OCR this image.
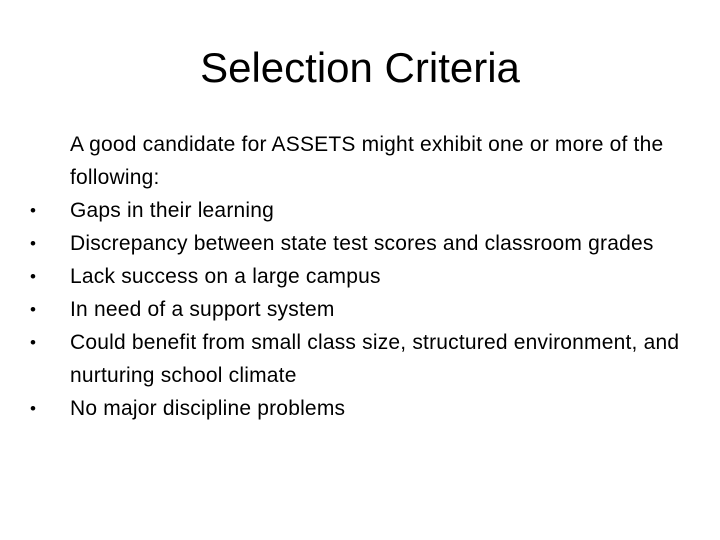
Selection Criteria

A good candidate for ASSETS might exhibit one or more of the following:

•	Gaps in their learning
•	Discrepancy between state test scores and classroom grades
•	Lack success on a large campus
•	In need of a support system
•	Could benefit from small class size, structured environment, and nurturing school climate
•	No major discipline problems
